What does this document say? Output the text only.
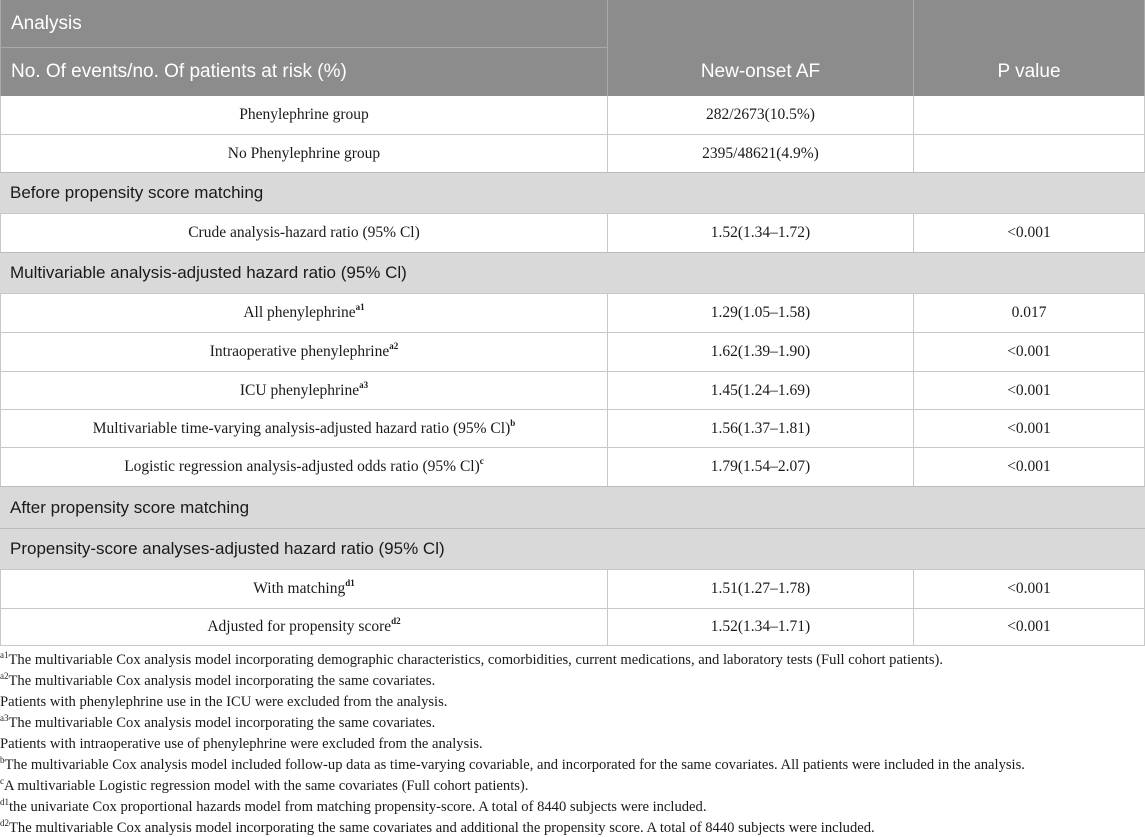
Analysis
No. Of events/no. Of patients at risk (%)	New-onset AF	P value
Phenylephrine group	282/2673(10.5%)
No Phenylephrine group	2395/48621(4.9%)
Before propensity score matching
Crude analysis-hazard ratio (95% Cl)	1.52(1.34–1.72)	<0.001
Multivariable analysis-adjusted hazard ratio (95% Cl)
All phenylephrine$^{a1}$	1.29(1.05–1.58)	0.017
Intraoperative phenylephrine$^{a2}$	1.62(1.39–1.90)	<0.001
ICU phenylephrine$^{a3}$	1.45(1.24–1.69)	<0.001
Multivariable time-varying analysis-adjusted hazard ratio (95% Cl)$^b$	1.56(1.37–1.81)	<0.001
Logistic regression analysis-adjusted odds ratio (95% Cl)$^c$	1.79(1.54–2.07)	<0.001
After propensity score matching
Propensity-score analyses-adjusted hazard ratio (95% Cl)
With matching$^{d1}$	1.51(1.27–1.78)	<0.001
Adjusted for propensity score$^{d2}$	1.52(1.34–1.71)	<0.001
$^{a1}$The multivariable Cox analysis model incorporating demographic characteristics, comorbidities, current medications, and laboratory tests (Full cohort patients).
$^{a2}$The multivariable Cox analysis model incorporating the same covariates.
Patients with phenylephrine use in the ICU were excluded from the analysis.
$^{a3}$The multivariable Cox analysis model incorporating the same covariates.
Patients with intraoperative use of phenylephrine were excluded from the analysis.
$^b$The multivariable Cox analysis model included follow-up data as time-varying covariable, and incorporated for the same covariates. All patients were included in the analysis.
$^c$A multivariable Logistic regression model with the same covariates (Full cohort patients).
$^{d1}$the univariate Cox proportional hazards model from matching propensity-score. A total of 8440 subjects were included.
$^{d2}$The multivariable Cox analysis model incorporating the same covariates and additional the propensity score. A total of 8440 subjects were included.
